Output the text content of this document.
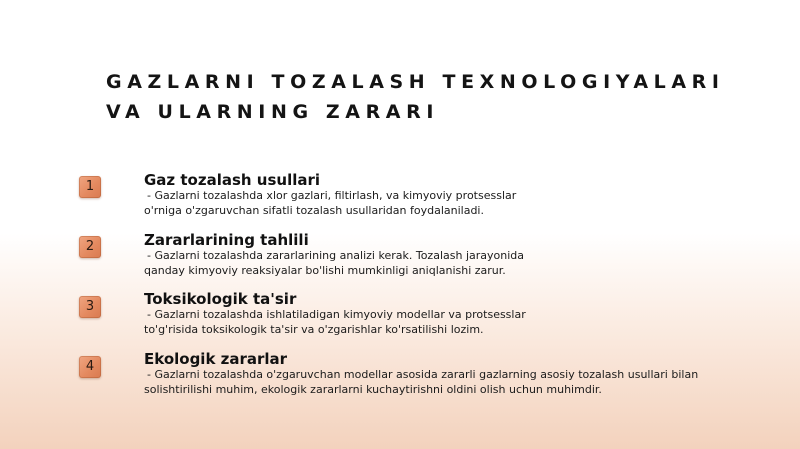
GAZLARNI TOZALASH TEXNOLOGIYALARI
VA ULARNING ZARARI
1	Gaz tozalash usullari

- Gazlarni tozalashda xlor gazlari, filtirlash, va kimyoviy protsesslar
o'rniga o'zgaruvchan sifatli tozalash usullaridan foydalaniladi.

2	Zararlarining tahlili

- Gazlarni tozalashda zararlarining analizi kerak. Tozalash jarayonida
qanday kimyoviy reaksiyalar bo'lishi mumkinligi aniqlanishi zarur.

3	Toksikologik ta'sir

- Gazlarni tozalashda ishlatiladigan kimyoviy modellar va protsesslar
to'g'risida toksikologik ta'sir va o'zgarishlar ko'rsatilishi lozim.

4	Ekologik zararlar

- Gazlarni tozalashda o'zgaruvchan modellar asosida zararli gazlarning asosiy tozalash usullari bilan
solishtirilishi muhim, ekologik zararlarni kuchaytirishni oldini olish uchun muhimdir.
